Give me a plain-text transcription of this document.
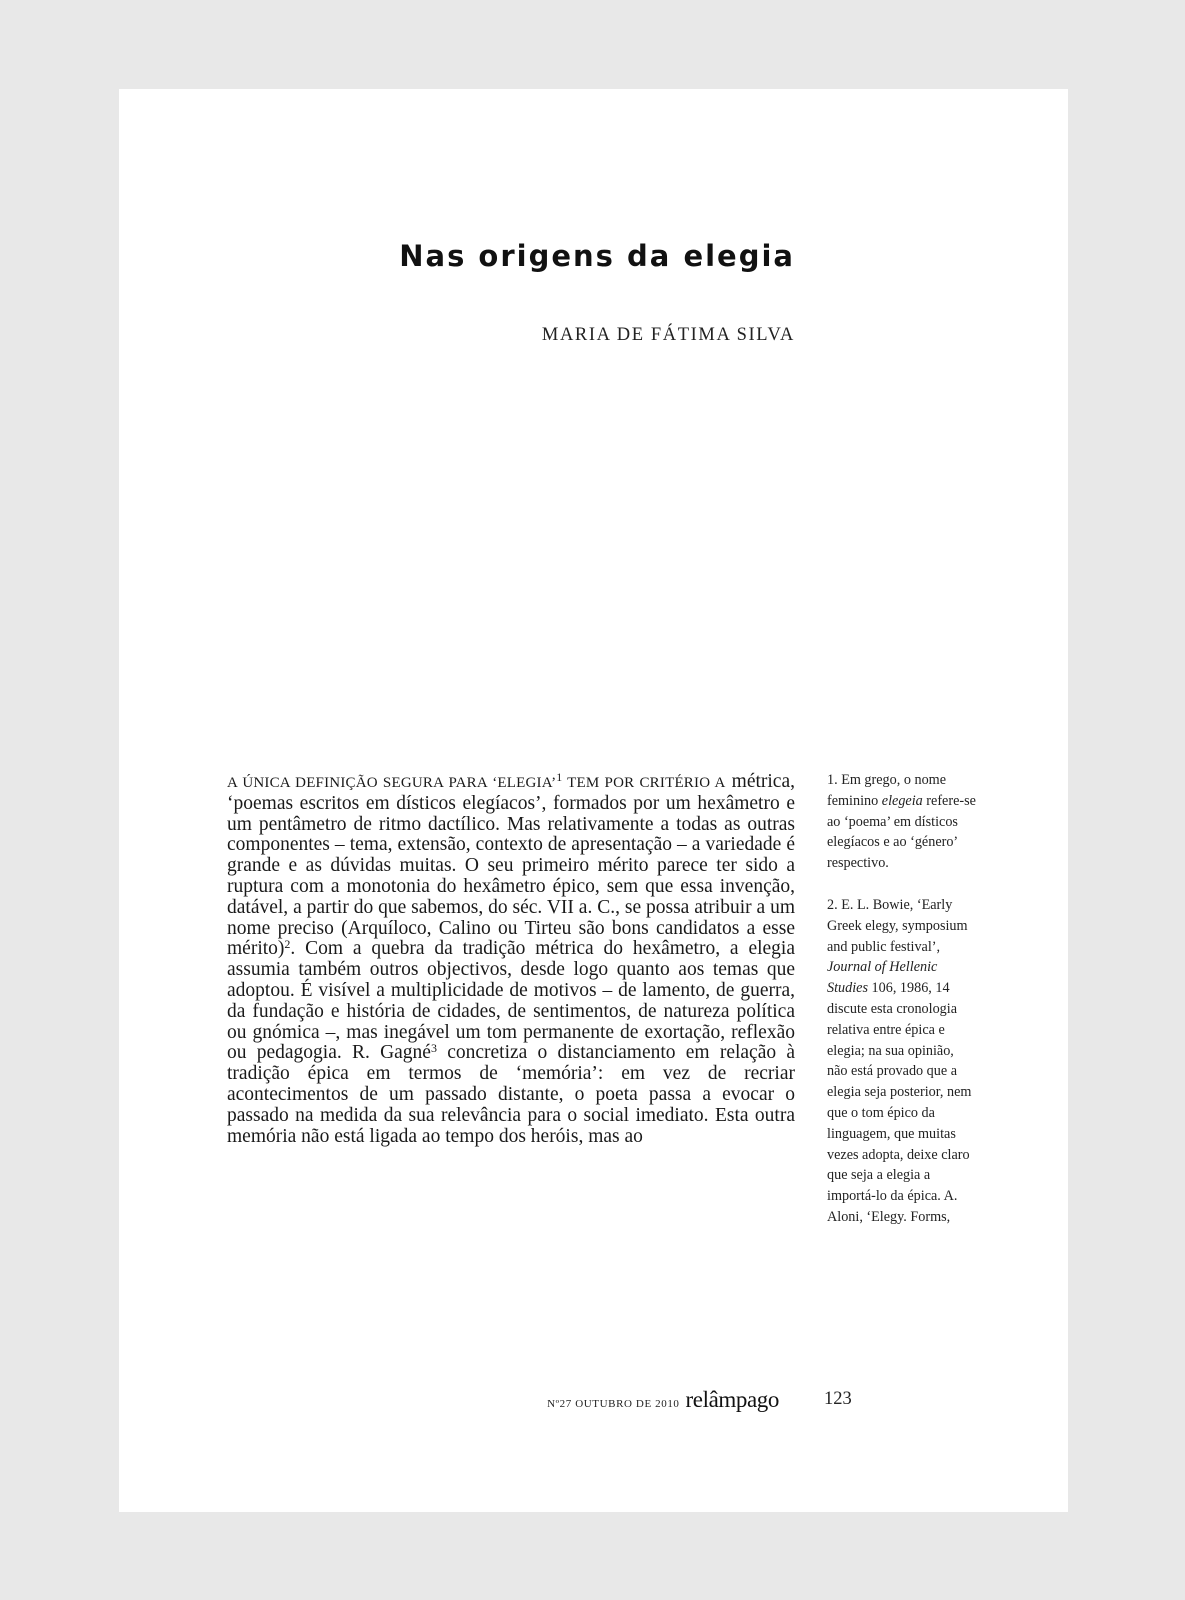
Nas origens da elegia
MARIA DE FÁTIMA SILVA

A ÚNICA DEFINIÇÃO SEGURA PARA ‘ELEGIA’$^1$ TEM POR CRITÉRIO A métrica, ‘poemas escritos em dísticos elegíacos’, formados por um hexâmetro e um pentâmetro de ritmo dactílico. Mas relativamente a todas as outras componentes – tema, extensão, contexto de apresentação – a variedade é grande e as dúvidas muitas. O seu primeiro mérito parece ter sido a ruptura com a monotonia do hexâmetro épico, sem que essa invenção, datável, a partir do que sabemos, do séc. VII a. C., se possa atribuir a um nome preciso (Arquíloco, Calino ou Tirteu são bons candidatos a esse mérito)$^2$. Com a quebra da tradição métrica do hexâmetro, a elegia assumia também outros objectivos, desde logo quanto aos temas que adoptou. É visível a multiplicidade de motivos – de lamento, de guerra, da fundação e história de cidades, de sentimentos, de natureza política ou gnómica –, mas inegável um tom permanente de exortação, reflexão ou pedagogia. R. Gagné$^3$ concretiza o distanciamento em relação à tradição épica em termos de ‘memória’: em vez de recriar acontecimentos de um passado distante, o poeta passa a evocar o passado na medida da sua relevância para o social imediato. Esta outra memória não está ligada ao tempo dos heróis, mas ao

1. Em grego, o nome feminino elegeia refere-se ao ‘poema’ em dísticos elegíacos e ao ‘género’ respectivo.

2. E. L. Bowie, ‘Early Greek elegy, symposium and public festival’, Journal of Hellenic Studies 106, 1986, 14 discute esta cronologia relativa entre épica e elegia; na sua opinião, não está provado que a elegia seja posterior, nem que o tom épico da linguagem, que muitas vezes adopta, deixe claro que seja a elegia a importá-lo da épica. A. Aloni, ‘Elegy. Forms,

Nº27 OUTUBRO DE 2010 relâmpago 123
